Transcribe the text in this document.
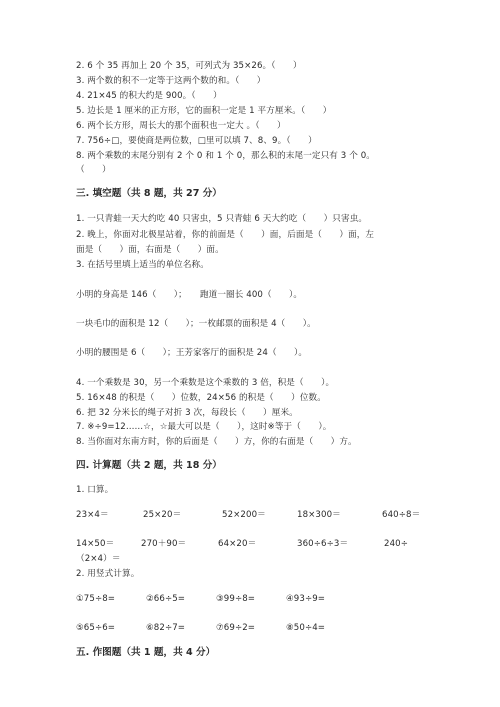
2. 6 个 35 再加上 20 个 35，可列式为 35×26。（　　）
3. 两个数的积不一定等于这两个数的和。（　　）
4. 21×45 的积大约是 900。（　　）
5. 边长是 1 厘米的正方形，它的面积一定是 1 平方厘米。（　　）
6. 两个长方形，周长大的那个面积也一定大 。（　　）
7. 756÷□，要使商是两位数，□里可以填 7、8、9。（　　）
8. 两个乘数的末尾分别有 2 个 0 和 1 个 0，那么积的末尾一定只有 3 个 0。
（　　）
三. 填空题（共 8 题，共 27 分）
1. 一只青蛙一天大约吃 40 只害虫，5 只青蛙 6 天大约吃（　　）只害虫。
2. 晚上，你面对北极星站着，你的前面是（　　）面，后面是（　　）面，左
面是（　　）面，右面是（　　）面。
3. 在括号里填上适当的单位名称。
小明的身高是 146（　　）；　　跑道一圈长 400（　　）。
一块毛巾的面积是 12（　　）；一枚邮票的面积是 4（　　）。
小明的腰围是 6（　　）；王芳家客厅的面积是 24（　　）。
4. 一个乘数是 30，另一个乘数是这个乘数的 3 倍，积是（　　）。
5. 16×48 的积是（　　）位数，24×56 的积是（　　）位数。
6. 把 32 分米长的绳子对折 3 次，每段长（　　）厘米。
7. ※÷9=12……☆，☆最大可以是（　　），这时※等于（　　）。
8. 当你面对东南方时，你的后面是（　　）方，你的右面是（　　）方。
四. 计算题（共 2 题，共 18 分）
1. 口算。
23×4＝	25×20＝	52×200＝	18×300＝	640÷8＝
14×50＝	270＋90＝	64×20＝	360÷6÷3＝	240÷
（2×4）＝
2. 用竖式计算。
①75÷8=	②66÷5=	③99÷8=	④93÷9=
⑤65÷6=	⑥82÷7=	⑦69÷2=	⑧50÷4=
五. 作图题（共 1 题，共 4 分）
